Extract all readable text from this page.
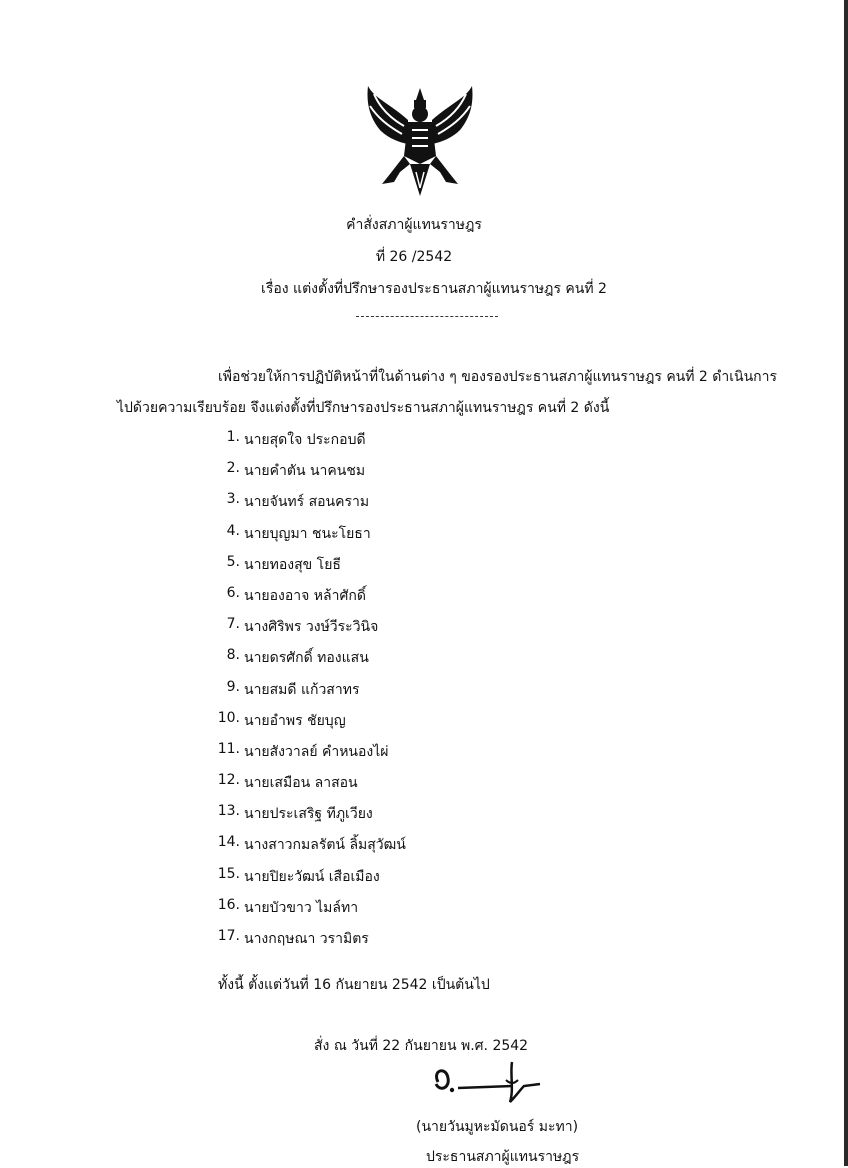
คำสั่งสภาผู้แทนราษฎร
ที่ 26 /2542
เรื่อง แต่งตั้งที่ปรึกษารองประธานสภาผู้แทนราษฎร คนที่ 2
เพื่อช่วยให้การปฏิบัติหน้าที่ในด้านต่าง ๆ ของรองประธานสภาผู้แทนราษฎร คนที่ 2 ดำเนินการ
ไปด้วยความเรียบร้อย จึงแต่งตั้งที่ปรึกษารองประธานสภาผู้แทนราษฎร คนที่ 2 ดังนี้
1. นายสุดใจ ประกอบดี
2. นายคำตัน นาคนชม
3. นายจันทร์ สอนคราม
4. นายบุญมา ชนะโยธา
5. นายทองสุข โยธี
6. นายองอาจ หล้าศักดิ์
7. นางศิริพร วงษ์วีระวินิจ
8. นายดรศักดิ์ ทองแสน
9. นายสมดี แก้วสาทร
10. นายอำพร ชัยบุญ
11. นายสังวาลย์ คำหนองไผ่
12. นายเสมือน ลาสอน
13. นายประเสริฐ ทีภูเวียง
14. นางสาวกมลรัตน์ ลิ้มสุวัฒน์
15. นายปิยะวัฒน์ เสือเมือง
16. นายบัวขาว ไมล์ทา
17. นางกฤษณา วรามิตร
ทั้งนี้ ตั้งแต่วันที่ 16 กันยายน 2542 เป็นต้นไป
สั่ง ณ วันที่ 22 กันยายน พ.ศ. 2542
(นายวันมูหะมัดนอร์ มะทา)
ประธานสภาผู้แทนราษฎร
